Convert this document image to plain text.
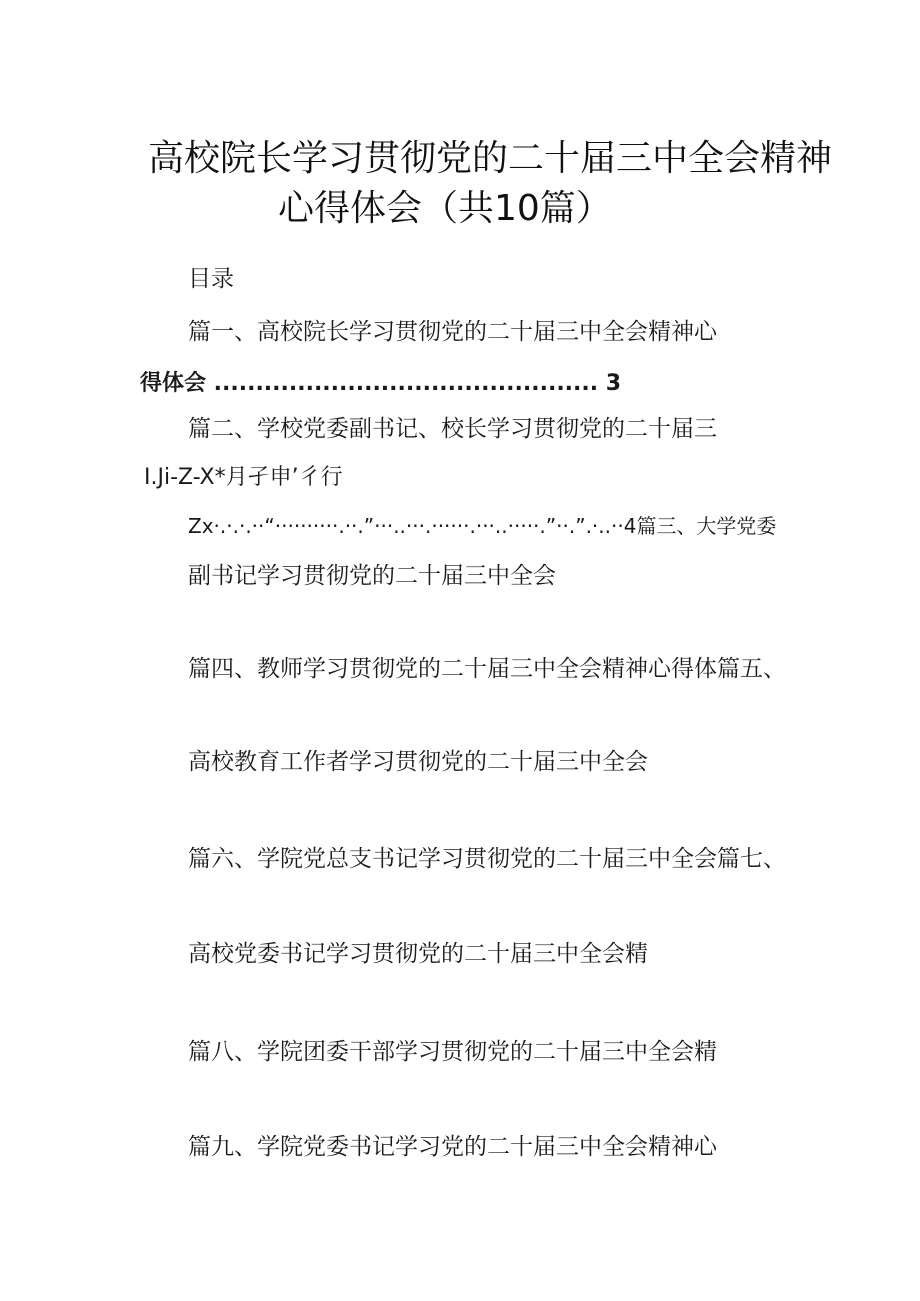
高校院长学习贯彻党的二十届三中全会精神
心得体会（共10篇）

目录

篇一、高校院长学习贯彻党的二十届三中全会精神心

得体会 .............................................. 3

篇二、学校党委副书记、校长学习贯彻党的二十届三

I.Ji-Z-X*月孑申’彳行

Zx·.·.·.··“··········.··.”···..···.······.···..·····.”··.”.·..··4篇三、大学党委

副书记学习贯彻党的二十届三中全会

篇四、教师学习贯彻党的二十届三中全会精神心得体篇五、

高校教育工作者学习贯彻党的二十届三中全会

篇六、学院党总支书记学习贯彻党的二十届三中全会篇七、

高校党委书记学习贯彻党的二十届三中全会精

篇八、学院团委干部学习贯彻党的二十届三中全会精

篇九、学院党委书记学习党的二十届三中全会精神心
